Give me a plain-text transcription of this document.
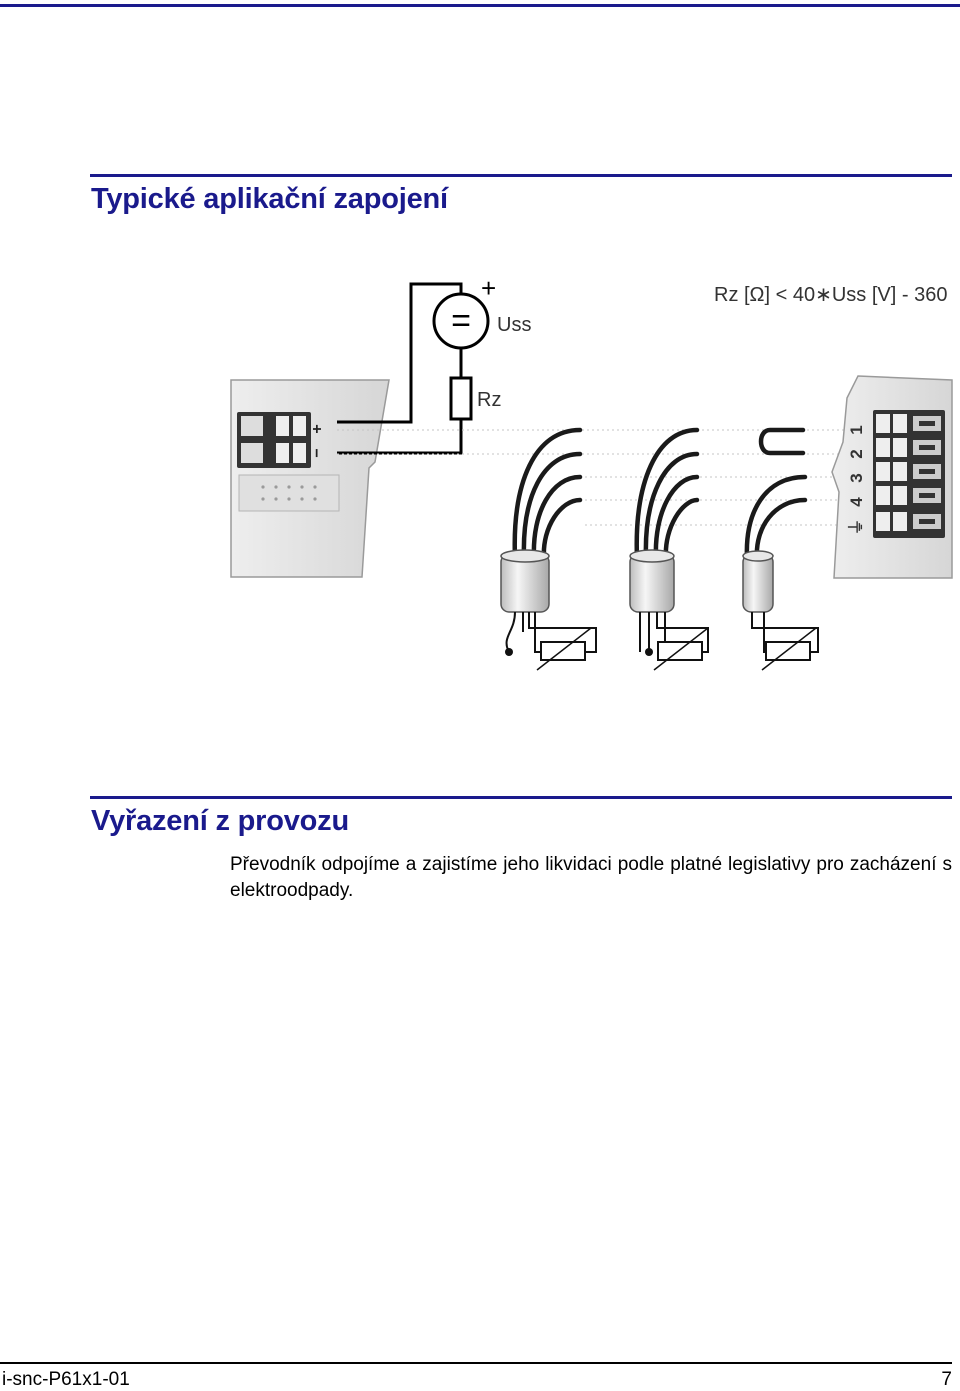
Typické aplikační zapojení
+
−
=
+
Uss
Rz
Rz [Ω] < 40∗Uss [V] - 360
1
2
3
4
⏚
Vyřazení z provozu

Převodník odpojíme a zajistíme jeho likvidaci podle platné legislativy pro zacházení s elektroodpady.

i-snc-P61x1-01	7
